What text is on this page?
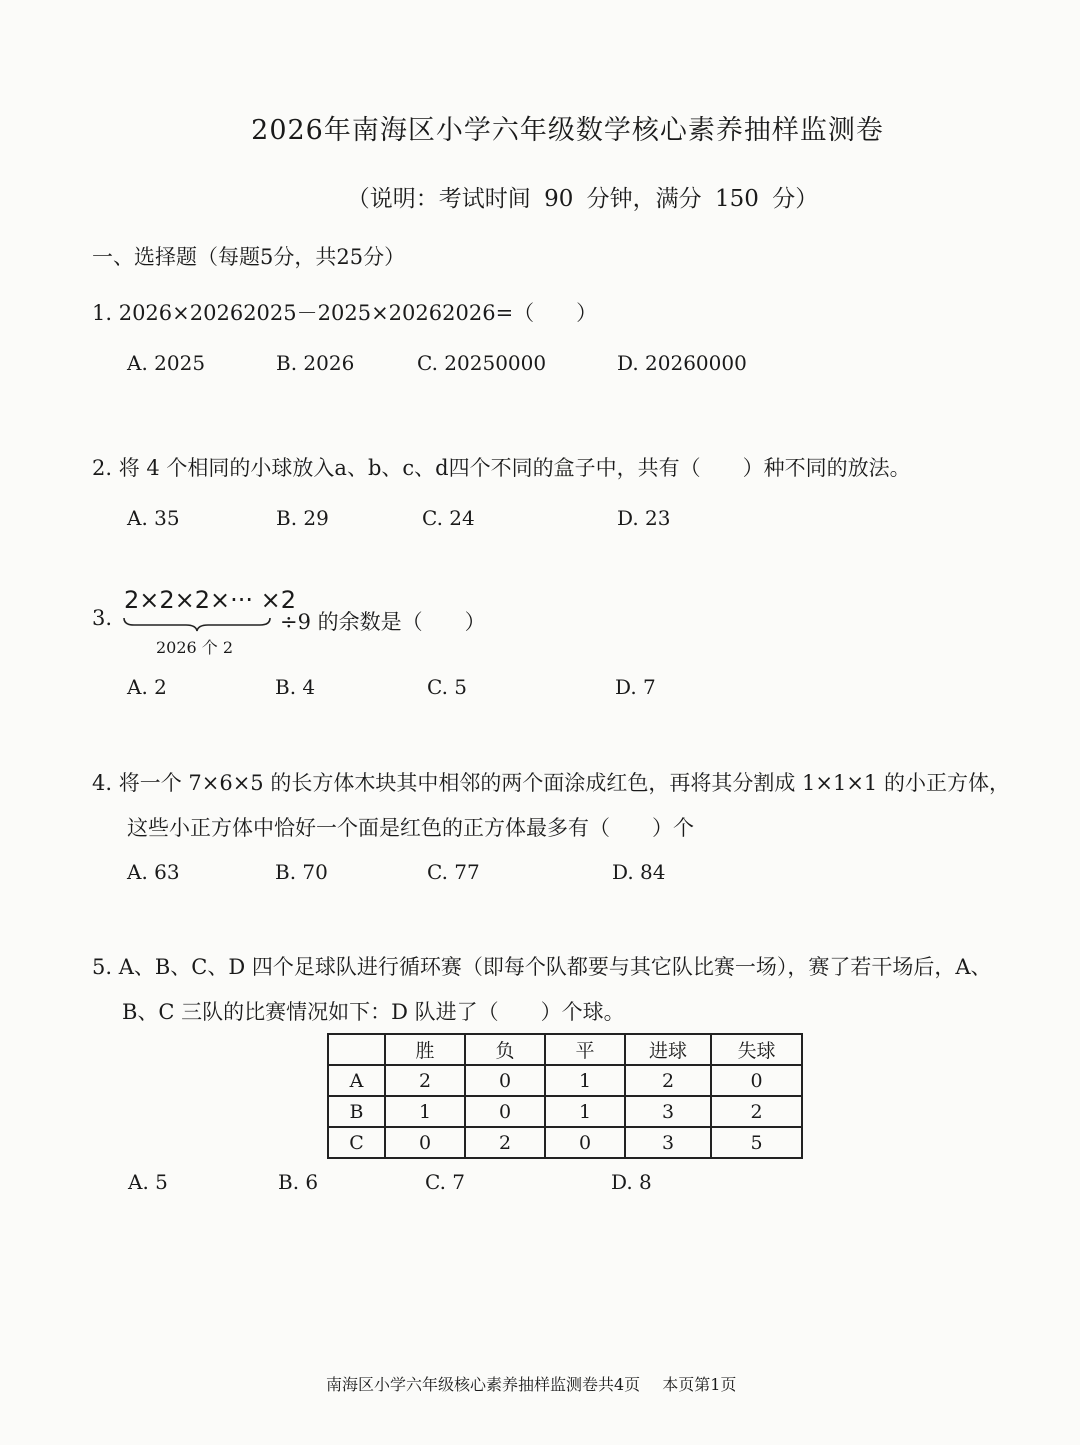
2026年南海区小学六年级数学核心素养抽样监测卷
（说明：考试时间 90 分钟，满分 150 分）
一、选择题（每题5分，共25分）
1. 2026×20262025－2025×20262026=（　　）
A. 2025	B. 2026	C. 20250000	D. 20260000
2. 将 4 个相同的小球放入a、b、c、d四个不同的盒子中，共有（　　）种不同的放法。
A. 35	B. 29	C. 24	D. 23
3.
2×2×2×··· ×2
2026 个 2
÷9 的余数是（　　）
A. 2	B. 4	C. 5	D. 7
4. 将一个 7×6×5 的长方体木块其中相邻的两个面涂成红色，再将其分割成 1×1×1 的小正方体，
这些小正方体中恰好一个面是红色的正方体最多有（　　）个
A. 63	B. 70	C. 77	D. 84
5. A、B、C、D 四个足球队进行循环赛（即每个队都要与其它队比赛一场），赛了若干场后，A、
B、C 三队的比赛情况如下：D 队进了（　　）个球。
	胜	负	平	进球	失球
A	2	0	1	2	0
B	1	0	1	3	2
C	0	2	0	3	5
A. 5	B. 6	C. 7	D. 8
南海区小学六年级核心素养抽样监测卷共4页 本页第1页
